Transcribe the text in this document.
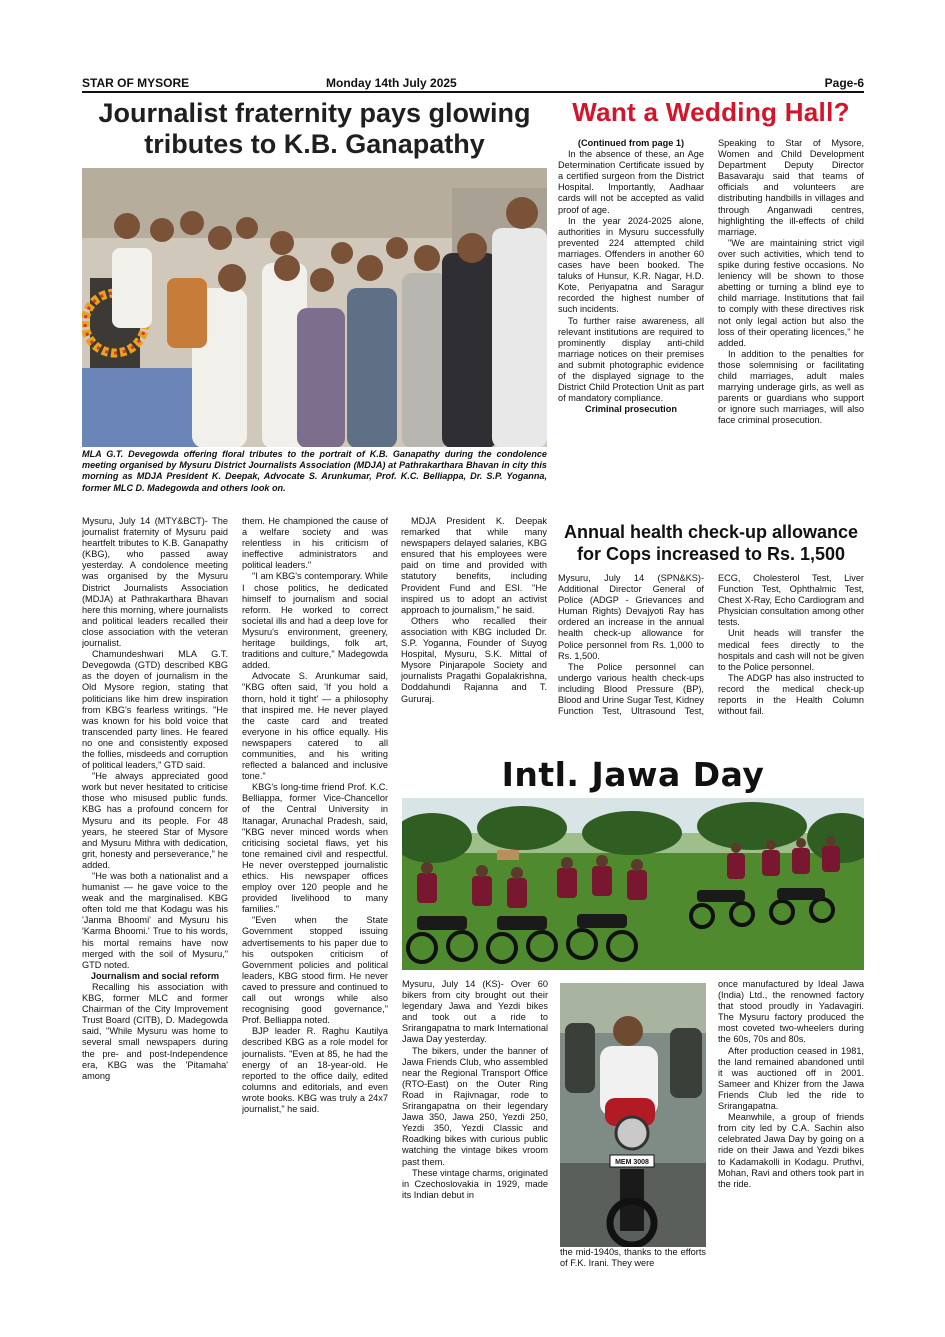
STAR OF MYSORE	Monday 14th July 2025	Page-6
Journalist fraternity pays glowing tributes to K.B. Ganapathy
MLA G.T. Devegowda offering floral tributes to the portrait of K.B. Ganapathy during the condolence meeting organised by Mysuru District Journalists Association (MDJA) at Pathrakarthara Bhavan in city this morning as MDJA President K. Deepak, Advocate S. Arunkumar, Prof. K.C. Belliappa, Dr. S.P. Yoganna, former MLC D. Madegowda and others look on.

Mysuru, July 14 (MTY&BCT)- The journalist fraternity of Mysuru paid heartfelt tributes to K.B. Ganapathy (KBG), who passed away yesterday. A condolence meeting was organised by the Mysuru District Journalists Association (MDJA) at Pathrakarthara Bhavan here this morning, where journalists and political leaders recalled their close association with the veteran journalist.

Chamundeshwari MLA G.T. Devegowda (GTD) described KBG as the doyen of journalism in the Old Mysore region, stating that politicians like him drew inspiration from KBG's fearless writings. "He was known for his bold voice that transcended party lines. He feared no one and consistently exposed the follies, misdeeds and corruption of political leaders," GTD said.

"He always appreciated good work but never hesitated to criticise those who misused public funds. KBG has a profound concern for Mysuru and its people. For 48 years, he steered Star of Mysore and Mysuru Mithra with dedication, grit, honesty and perseverance," he added.

"He was both a nationalist and a humanist — he gave voice to the weak and the marginalised. KBG often told me that Kodagu was his 'Janma Bhoomi' and Mysuru his 'Karma Bhoomi.' True to his words, his mortal remains have now merged with the soil of Mysuru," GTD noted.

Journalism and social reform

Recalling his association with KBG, former MLC and former Chairman of the City Improvement Trust Board (CITB), D. Madegowda said, "While Mysuru was home to several small newspapers during the pre- and post-Independence era, KBG was the 'Pitamaha' among

them. He championed the cause of a welfare society and was relentless in his criticism of ineffective administrators and political leaders."

"I am KBG's contemporary. While I chose politics, he dedicated himself to journalism and social reform. He worked to correct societal ills and had a deep love for Mysuru's environment, greenery, heritage buildings, folk art, traditions and culture," Madegowda added.

Advocate S. Arunkumar said, "KBG often said, 'If you hold a thorn, hold it tight' — a philosophy that inspired me. He never played the caste card and treated everyone in his office equally. His newspapers catered to all communities, and his writing reflected a balanced and inclusive tone."

KBG's long-time friend Prof. K.C. Belliappa, former Vice-Chancellor of the Central University in Itanagar, Arunachal Pradesh, said, "KBG never minced words when criticising societal flaws, yet his tone remained civil and respectful. He never overstepped journalistic ethics. His newspaper offices employ over 120 people and he provided livelihood to many families."

"Even when the State Government stopped issuing advertisements to his paper due to his outspoken criticism of Government policies and political leaders, KBG stood firm. He never caved to pressure and continued to call out wrongs while also recognising good governance," Prof. Belliappa noted.

BJP leader R. Raghu Kautilya described KBG as a role model for journalists. "Even at 85, he had the energy of an 18-year-old. He reported to the office daily, edited columns and editorials, and even wrote books. KBG was truly a 24x7 journalist," he said.

MDJA President K. Deepak remarked that while many newspapers delayed salaries, KBG ensured that his employees were paid on time and provided with statutory benefits, including Provident Fund and ESI. "He inspired us to adopt an activist approach to journalism," he said.

Others who recalled their association with KBG included Dr. S.P. Yoganna, Founder of Suyog Hospital, Mysuru, S.K. Mittal of Mysore Pinjarapole Society and journalists Pragathi Gopalakrishna, Doddahundi Rajanna and T. Gururaj.

Want a Wedding Hall?

(Continued from page 1)

In the absence of these, an Age Determination Certificate issued by a certified surgeon from the District Hospital. Importantly, Aadhaar cards will not be accepted as valid proof of age.

In the year 2024-2025 alone, authorities in Mysuru successfully prevented 224 attempted child marriages. Offenders in another 60 cases have been booked. The taluks of Hunsur, K.R. Nagar, H.D. Kote, Periyapatna and Saragur recorded the highest number of such incidents.

To further raise awareness, all relevant institutions are required to prominently display anti-child marriage notices on their premises and submit photographic evidence of the displayed signage to the District Child Protection Unit as part of mandatory compliance.

Criminal prosecution

Speaking to Star of Mysore, Women and Child Development Department Deputy Director Basavaraju said that teams of officials and volunteers are distributing handbills in villages and through Anganwadi centres, highlighting the ill-effects of child marriage.

"We are maintaining strict vigil over such activities, which tend to spike during festive occasions. No leniency will be shown to those abetting or turning a blind eye to child marriage. Institutions that fail to comply with these directives risk not only legal action but also the loss of their operating licences," he added.

In addition to the penalties for those solemnising or facilitating child marriages, adult males marrying underage girls, as well as parents or guardians who support or ignore such marriages, will also face criminal prosecution.

Annual health check-up allowance for Cops increased to Rs. 1,500

Mysuru, July 14 (SPN&KS)- Additional Director General of Police (ADGP - Grievances and Human Rights) Devajyoti Ray has ordered an increase in the annual health check-up allowance for Police personnel from Rs. 1,000 to Rs. 1,500.

The Police personnel can undergo various health check-ups including Blood Pressure (BP), Blood and Urine Sugar Test, Kidney Function Test, Ultrasound Test, ECG, Cholesterol Test, Liver Function Test, Ophthalmic Test, Chest X-Ray, Echo Cardiogram and Physician consultation among other tests.

Unit heads will transfer the medical fees directly to the hospitals and cash will not be given to the Police personnel.

The ADGP has also instructed to record the medical check-up reports in the Health Column without fail.

Intl. Jawa Day

Mysuru, July 14 (KS)- Over 60 bikers from city brought out their legendary Jawa and Yezdi bikes and took out a ride to Srirangapatna to mark International Jawa Day yesterday.

The bikers, under the banner of Jawa Friends Club, who assembled near the Regional Transport Office (RTO-East) on the Outer Ring Road in Rajivnagar, rode to Srirangapatna on their legendary Jawa 350, Jawa 250, Yezdi 250, Yezdi 350, Yezdi Classic and Roadking bikes with curious public watching the vintage bikes vroom past them.

These vintage charms, originated in Czechoslovakia in 1929, made its Indian debut in

MEM 3008

the mid-1940s, thanks to the efforts of F.K. Irani. They were

once manufactured by Ideal Jawa (India) Ltd., the renowned factory that stood proudly in Yadavagiri. The Mysuru factory produced the most coveted two-wheelers during the 60s, 70s and 80s.

After production ceased in 1981, the land remained abandoned until it was auctioned off in 2001. Sameer and Khizer from the Jawa Friends Club led the ride to Srirangapatna.

Meanwhile, a group of friends from city led by C.A. Sachin also celebrated Jawa Day by going on a ride on their Jawa and Yezdi bikes to Kadamakolli in Kodagu. Pruthvi, Mohan, Ravi and others took part in the ride.
